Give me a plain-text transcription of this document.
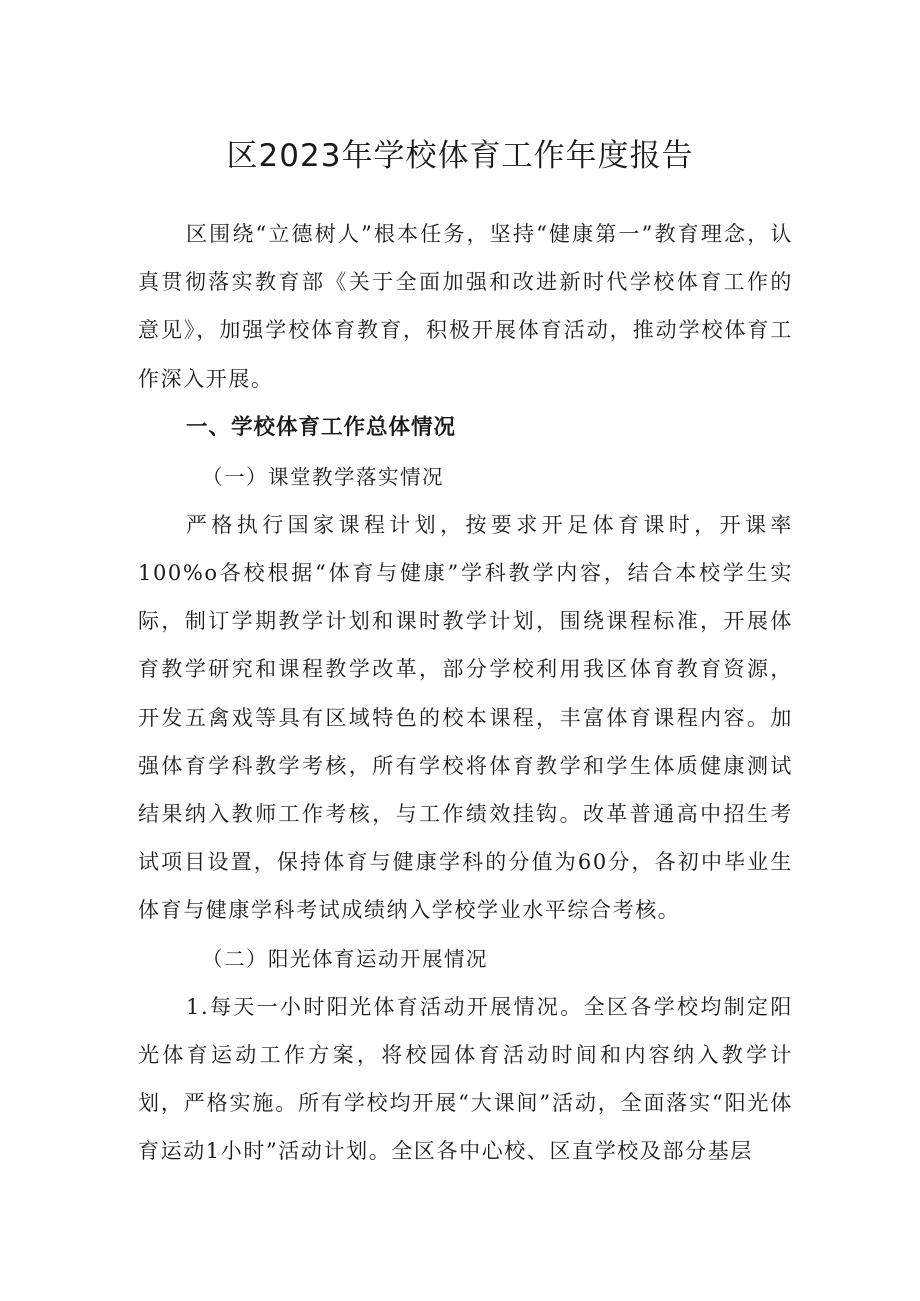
区2023年学校体育工作年度报告

区围绕“立德树人”根本任务，坚持“健康第一”教育理念，认真贯彻落实教育部《关于全面加强和改进新时代学校体育工作的意见》，加强学校体育教育，积极开展体育活动，推动学校体育工作深入开展。

一、学校体育工作总体情况

（一）课堂教学落实情况

严格执行国家课程计划，按要求开足体育课时，开课率100%o各校根据“体育与健康”学科教学内容，结合本校学生实际，制订学期教学计划和课时教学计划，围绕课程标准，开展体育教学研究和课程教学改革，部分学校利用我区体育教育资源，开发五禽戏等具有区域特色的校本课程，丰富体育课程内容。加强体育学科教学考核，所有学校将体育教学和学生体质健康测试结果纳入教师工作考核，与工作绩效挂钩。改革普通高中招生考试项目设置，保持体育与健康学科的分值为60分，各初中毕业生体育与健康学科考试成绩纳入学校学业水平综合考核。

（二）阳光体育运动开展情况

1.每天一小时阳光体育活动开展情况。全区各学校均制定阳光体育运动工作方案，将校园体育活动时间和内容纳入教学计划，严格实施。所有学校均开展“大课间”活动，全面落实“阳光体育运动1小时”活动计划。全区各中心校、区直学校及部分基层
